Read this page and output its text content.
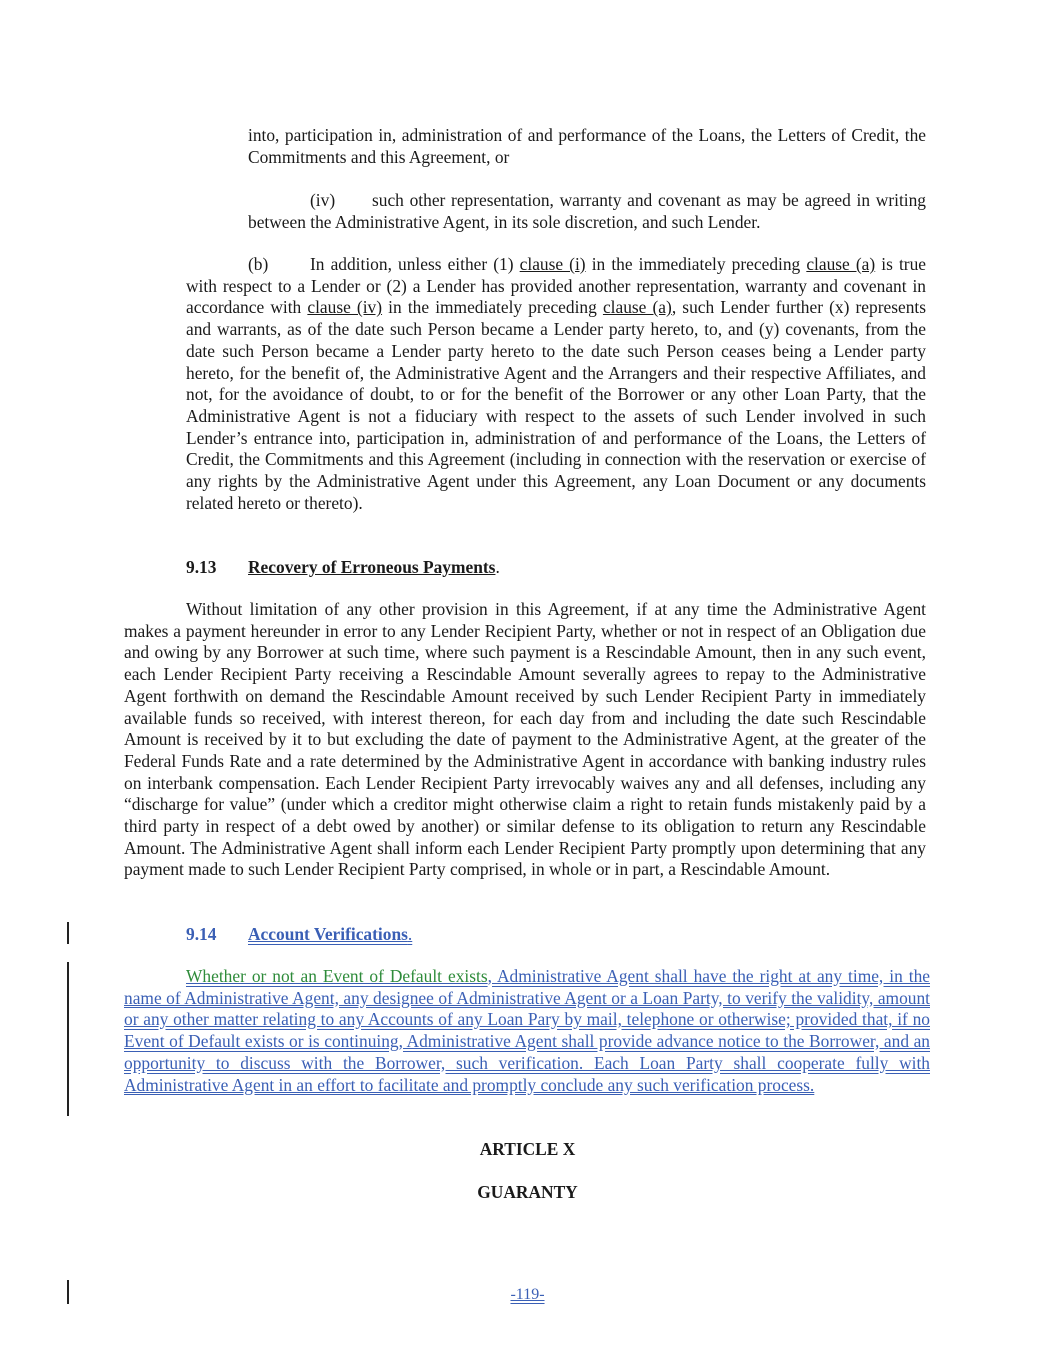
into, participation in, administration of and performance of the Loans, the Letters of Credit, the Commitments and this Agreement, or

(iv) such other representation, warranty and covenant as may be agreed in writing between the Administrative Agent, in its sole discretion, and such Lender.

(b) In addition, unless either (1) clause (i) in the immediately preceding clause (a) is true with respect to a Lender or (2) a Lender has provided another representation, warranty and covenant in accordance with clause (iv) in the immediately preceding clause (a), such Lender further (x) represents and warrants, as of the date such Person became a Lender party hereto, to, and (y) covenants, from the date such Person became a Lender party hereto to the date such Person ceases being a Lender party hereto, for the benefit of, the Administrative Agent and the Arrangers and their respective Affiliates, and not, for the avoidance of doubt, to or for the benefit of the Borrower or any other Loan Party, that the Administrative Agent is not a fiduciary with respect to the assets of such Lender involved in such Lender’s entrance into, participation in, administration of and performance of the Loans, the Letters of Credit, the Commitments and this Agreement (including in connection with the reservation or exercise of any rights by the Administrative Agent under this Agreement, any Loan Document or any documents related hereto or thereto).

9.13 Recovery of Erroneous Payments.

Without limitation of any other provision in this Agreement, if at any time the Administrative Agent makes a payment hereunder in error to any Lender Recipient Party, whether or not in respect of an Obligation due and owing by any Borrower at such time, where such payment is a Rescindable Amount, then in any such event, each Lender Recipient Party receiving a Rescindable Amount severally agrees to repay to the Administrative Agent forthwith on demand the Rescindable Amount received by such Lender Recipient Party in immediately available funds so received, with interest thereon, for each day from and including the date such Rescindable Amount is received by it to but excluding the date of payment to the Administrative Agent, at the greater of the Federal Funds Rate and a rate determined by the Administrative Agent in accordance with banking industry rules on interbank compensation. Each Lender Recipient Party irrevocably waives any and all defenses, including any “discharge for value” (under which a creditor might otherwise claim a right to retain funds mistakenly paid by a third party in respect of a debt owed by another) or similar defense to its obligation to return any Rescindable Amount. The Administrative Agent shall inform each Lender Recipient Party promptly upon determining that any payment made to such Lender Recipient Party comprised, in whole or in part, a Rescindable Amount.

9.14 Account Verifications.

Whether or not an Event of Default exists, Administrative Agent shall have the right at any time, in the name of Administrative Agent, any designee of Administrative Agent or a Loan Party, to verify the validity, amount or any other matter relating to any Accounts of any Loan Pary by mail, telephone or otherwise; provided that, if no Event of Default exists or is continuing, Administrative Agent shall provide advance notice to the Borrower, and an opportunity to discuss with the Borrower, such verification. Each Loan Party shall cooperate fully with Administrative Agent in an effort to facilitate and promptly conclude any such verification process.

ARTICLE X
GUARANTY
-119-
